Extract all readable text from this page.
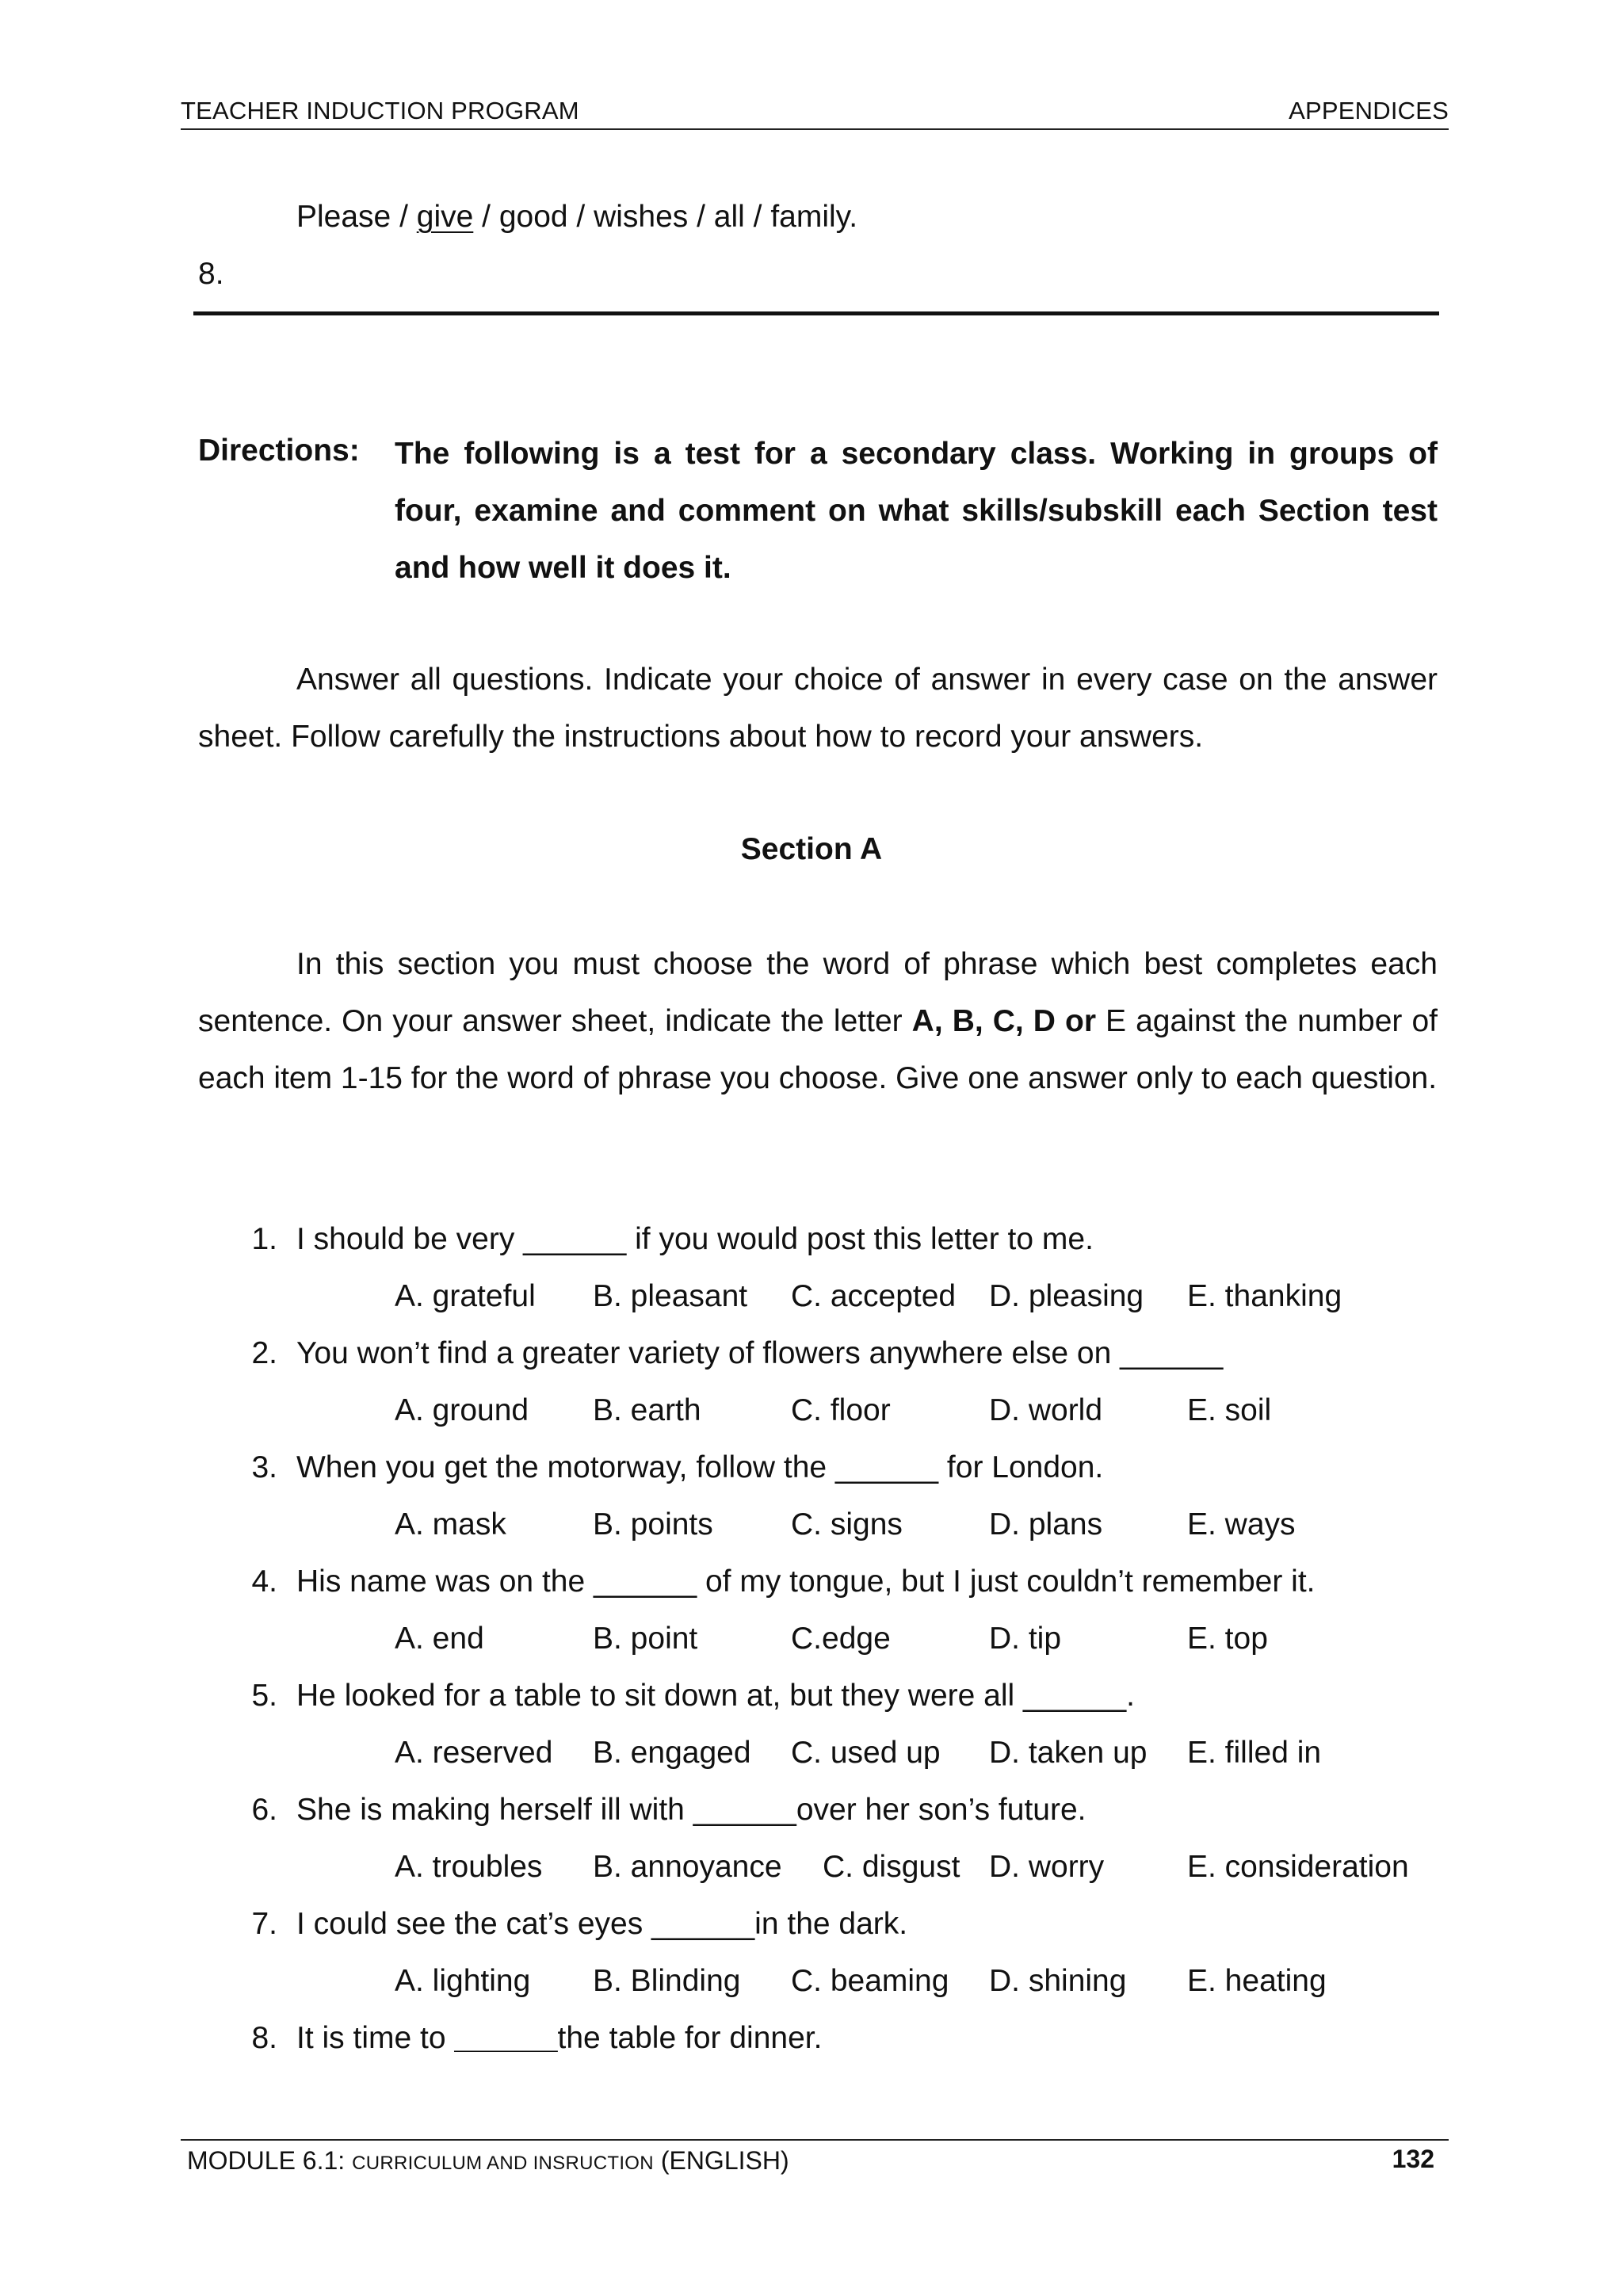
TEACHER INDUCTION PROGRAM	APPENDICES
Please / give / good / wishes / all / family.
8.
Directions: The following is a test for a secondary class. Working in groups of four, examine and comment on what skills/subskill each Section test and how well it does it.
Answer all questions. Indicate your choice of answer in every case on the answer sheet. Follow carefully the instructions about how to record your answers.
Section A
In this section you must choose the word of phrase which best completes each sentence. On your answer sheet, indicate the letter A, B, C, D or E against the number of each item 1-15 for the word of phrase you choose. Give one answer only to each question.
1. I should be very ______ if you would post this letter to me.
A. grateful B. pleasant C. accepted D. pleasing E. thanking
2. You won’t find a greater variety of flowers anywhere else on ______
A. ground B. earth	C. floor	D. world	E. soil
3. When you get the motorway, follow the ______ for London.
A. mask	B. points	C. signs	D. plans	E. ways
4. His name was on the ______ of my tongue, but I just couldn’t remember it.
A. end	B. point	C.edge	D. tip	E. top
5. He looked for a table to sit down at, but they were all ______.
A. reserved B. engaged C. used up D. taken up E. filled in
6. She is making herself ill with ______over her son’s future.
A. troubles B. annoyance C. disgust D. worry	E. consideration
7. I could see the cat’s eyes ______in the dark.
A. lighting B. Blinding C. beaming D. shining E. heating
8. It is time to ______the table for dinner.
MODULE 6.1: CURRICULUM AND INSRUCTION (ENGLISH)	132
